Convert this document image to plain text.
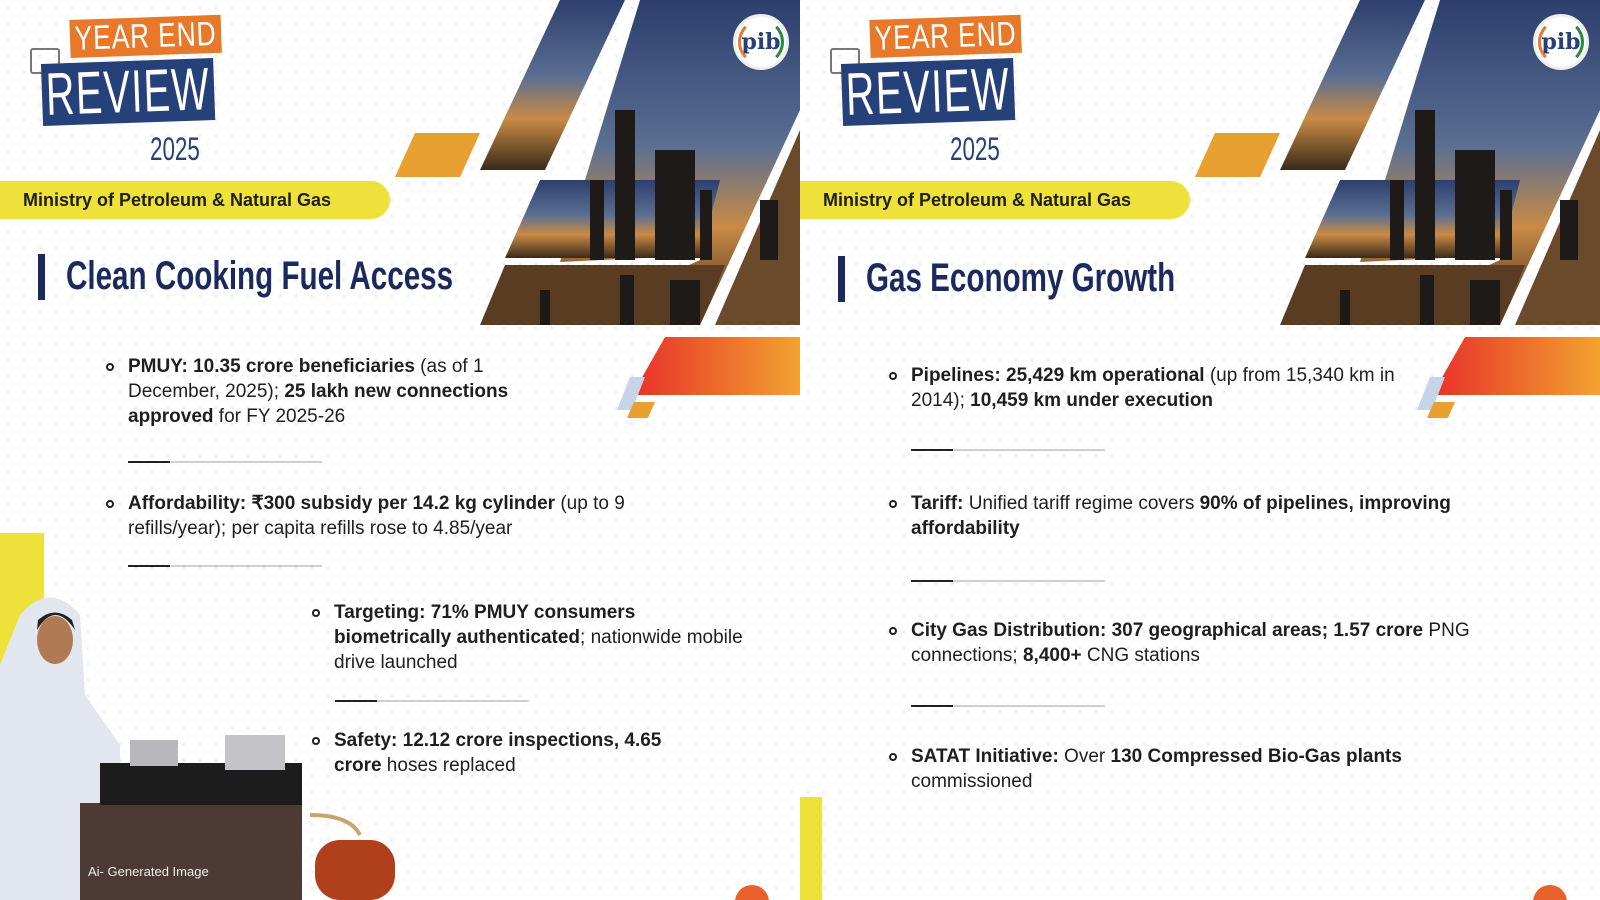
pib
YEAR END
REVIEW
2025
Ministry of Petroleum & Natural Gas
Clean Cooking Fuel Access
PMUY: 10.35 crore beneficiaries (as of 1 December, 2025); 25 lakh new connections approved for FY 2025-26
Affordability: ₹300 subsidy per 14.2 kg cylinder (up to 9 refills/year); per capita refills rose to 4.85/year
Targeting: 71% PMUY consumers biometrically authenticated; nationwide mobile drive launched
Safety: 12.12 crore inspections, 4.65 crore hoses replaced
Ai- Generated Image
pib
YEAR END
REVIEW
2025
Ministry of Petroleum & Natural Gas
Gas Economy Growth
Pipelines: 25,429 km operational (up from 15,340 km in 2014); 10,459 km under execution
Tariff: Unified tariff regime covers 90% of pipelines, improving affordability
City Gas Distribution: 307 geographical areas; 1.57 crore PNG connections; 8,400+ CNG stations
SATAT Initiative: Over 130 Compressed Bio-Gas plants commissioned
